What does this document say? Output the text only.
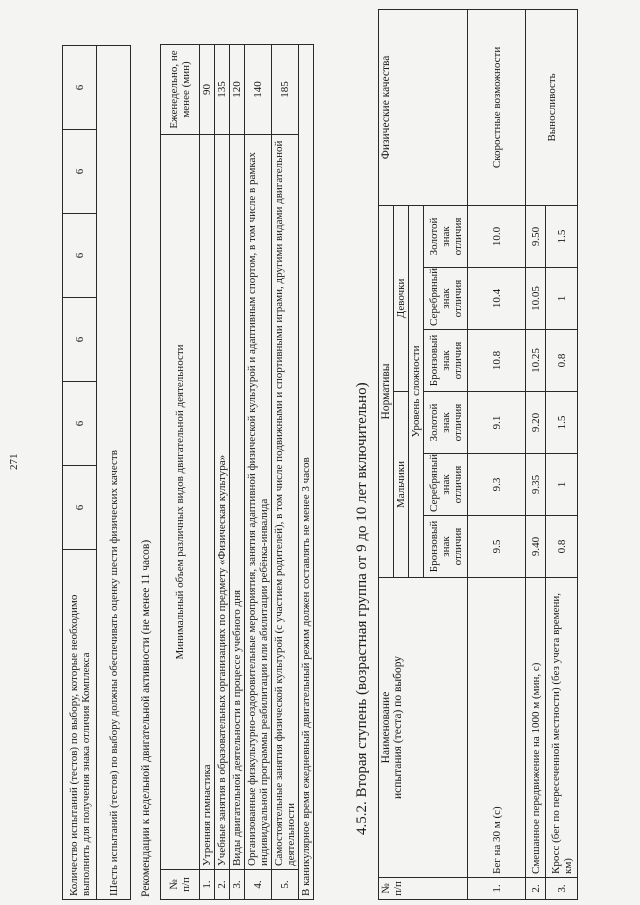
271
Количество испытаний (тестов) по выбору, которые необходимо выполнить для получения знака отличия Комплекса	6	6	6	6	6	6
Шесть испытаний (тестов) по выбору должны обеспечивать оценку шести физических качеств Рекомендации к недельной двигательной активности (не менее 11 часов) №
п/п	Минимальный объем различных видов двигательной деятельности	Еженедельно, не менее (мин)
1.	Утренняя гимнастика	90
2.	Учебные занятия в образовательных организациях по предмету «Физическая культура»	135
3.	Виды двигательной деятельности в процессе учебного дня	120
4.	Организованные физкультурно-оздоровительные мероприятия, занятия адаптивной физической культурой и адаптивным спортом, в том числе в рамках индивидуальной программы реабилитации или абилитации ребёнка-инвалида	140
5.	Самостоятельные занятия физической культурой (с участием родителей), в том числе подвижными и спортивными играми, другими видами двигательной деятельности	185
В каникулярное время ежедневный двигательный режим должен составлять не менее 3 часов			4.5.2. Вторая ступень (возрастная группа от 9 до 10 лет включительно)
№
п/п	Наименование
испытания (теста) по выбору	Нормативы						Физические качества
		Мальчики			Девочки			
		Уровень сложности						
		Бронзовый знак отличия	Серебряный знак отличия	Золотой знак отличия	Бронзовый знак отличия	Серебряный знак отличия	Золотой знак отличия	
1.	Бег на 30 м (с)	9.5	9.3	9.1	10.8	10.4	10.0	Скоростные возможности
2.	Смешанное передвижение на 1000 м (мин, с)	9.40	9.35	9.20	10.25	10.05	9.50	Выносливость
3.	Кросс (бег по пересеченной местности) (без учета времени, км)	0.8	1	1.5	0.8	1	1.5	
